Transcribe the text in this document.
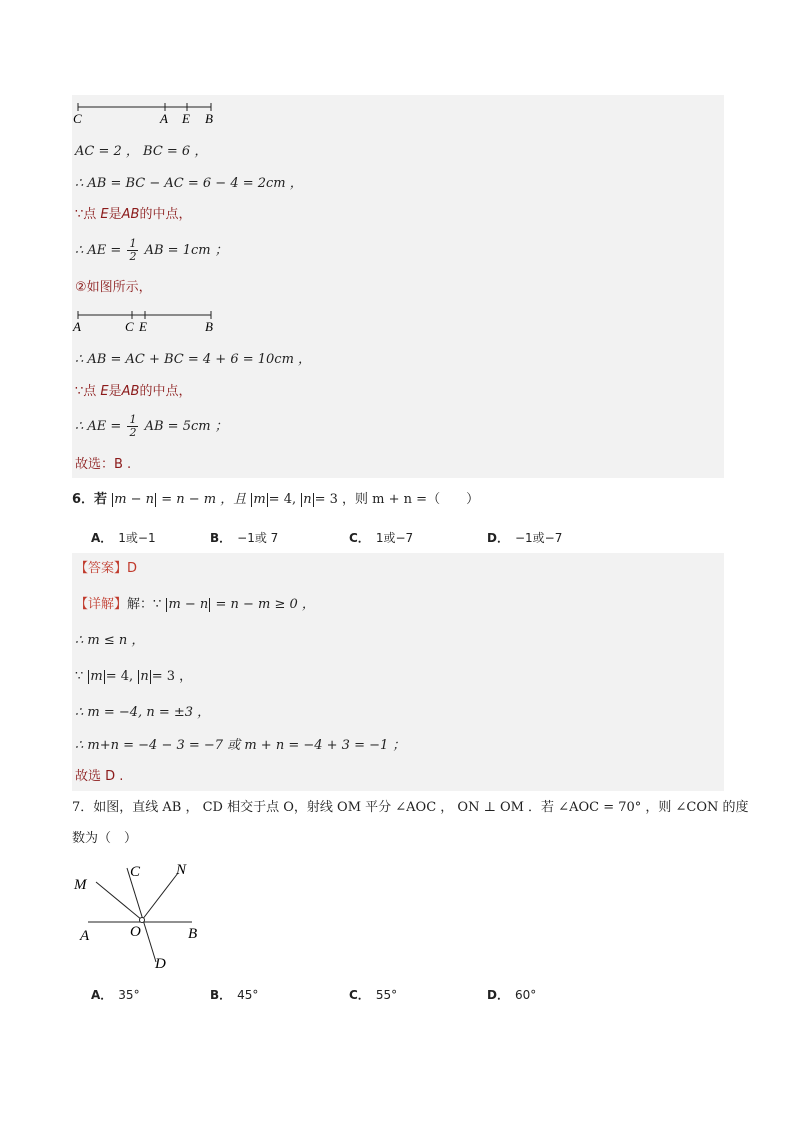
C	A E B
AC = 2 ， BC = 6 ，
∴ AB = BC − AC = 6 − 4 = 2cm ，
∵点 E是AB的中点，
∴ AE = $\frac{1}{2}$ AB = 1cm ；
②如图所示，
A	C E	B
∴ AB = AC + BC = 4 + 6 = 10cm ，
∵点 E是AB的中点，
∴ AE = $\frac{1}{2}$ AB = 5cm ；
故选：B .
6．若 m − n = n − m ，且 m = 4, n = 3 ，则 m + n =（　　）
A． 1或−1	B． −1或 7	C． 1或−7	D． −1或−7
【答案】D
【详解】解：∵ m − n = n − m ≥ 0 ，
∴ m ≤ n ，
∵ m = 4, n = 3 ，
∴ m = −4, n = ±3 ，
∴ m+n = −4 − 3 = −7 或 m + n = −4 + 3 = −1 ；
故选 D .
7．如图，直线 AB ， CD 相交于点 O，射线 OM 平分 ∠AOC ， ON ⊥ OM ．若 ∠AOC = 70° ，则 ∠CON 的度
数为（　）
M
C N
A	O	B
D
A． 35°	B． 45°	C． 55°	D． 60°
